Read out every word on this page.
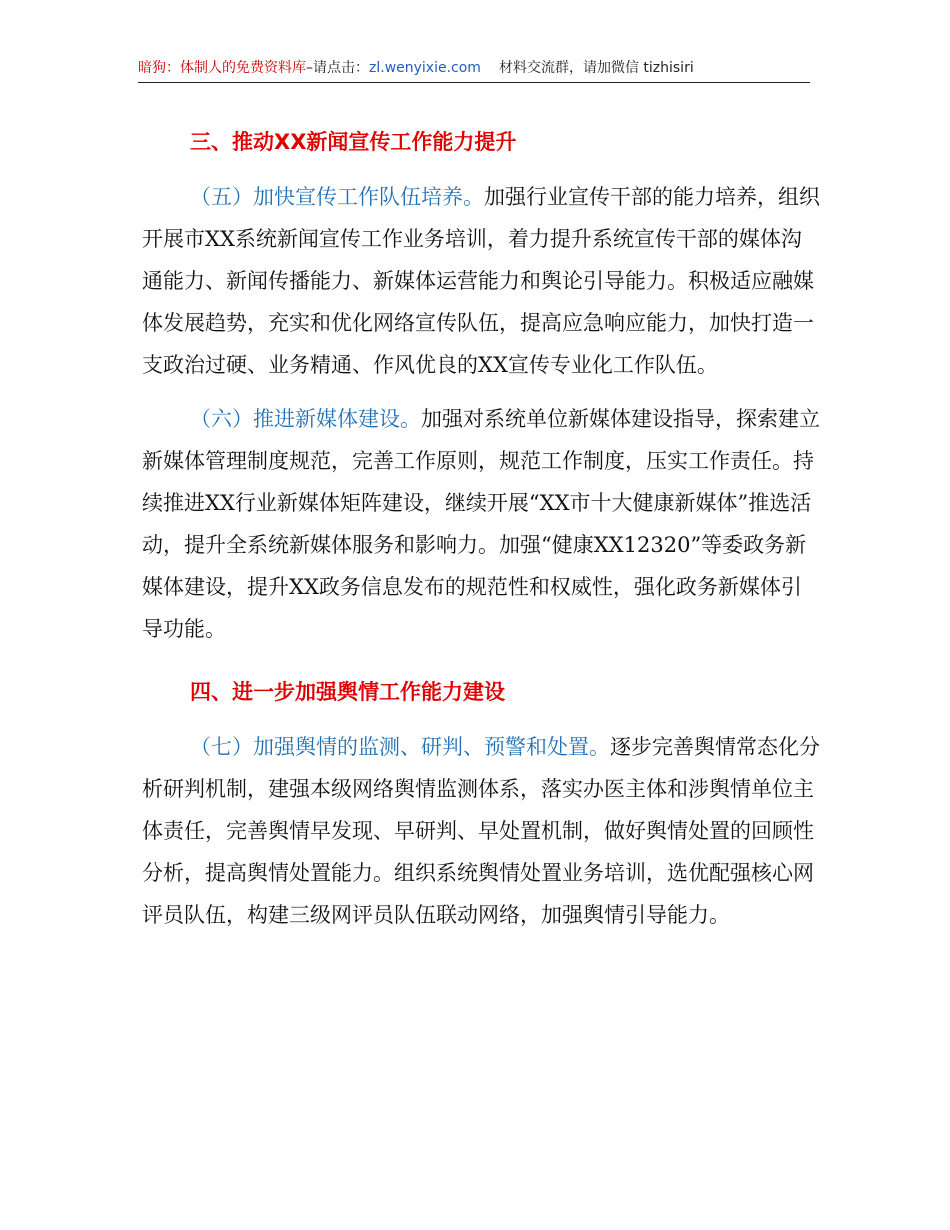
暗狗：体制人的免费资料库–请点击：zl.wenyixie.com 材料交流群，请加微信 tizhisiri
三、推动XX新闻宣传工作能力提升

（五）加快宣传工作队伍培养。加强行业宣传干部的能力培养，组织开展市XX系统新闻宣传工作业务培训，着力提升系统宣传干部的媒体沟通能力、新闻传播能力、新媒体运营能力和舆论引导能力。积极适应融媒体发展趋势，充实和优化网络宣传队伍，提高应急响应能力，加快打造一支政治过硬、业务精通、作风优良的XX宣传专业化工作队伍。

（六）推进新媒体建设。加强对系统单位新媒体建设指导，探索建立新媒体管理制度规范，完善工作原则，规范工作制度，压实工作责任。持续推进XX行业新媒体矩阵建设，继续开展“XX市十大健康新媒体”推选活动，提升全系统新媒体服务和影响力。加强“健康XX12320”等委政务新媒体建设，提升XX政务信息发布的规范性和权威性，强化政务新媒体引导功能。

四、进一步加强舆情工作能力建设

（七）加强舆情的监测、研判、预警和处置。逐步完善舆情常态化分析研判机制，建强本级网络舆情监测体系，落实办医主体和涉舆情单位主体责任，完善舆情早发现、早研判、早处置机制，做好舆情处置的回顾性分析，提高舆情处置能力。组织系统舆情处置业务培训，选优配强核心网评员队伍，构建三级网评员队伍联动网络，加强舆情引导能力。
